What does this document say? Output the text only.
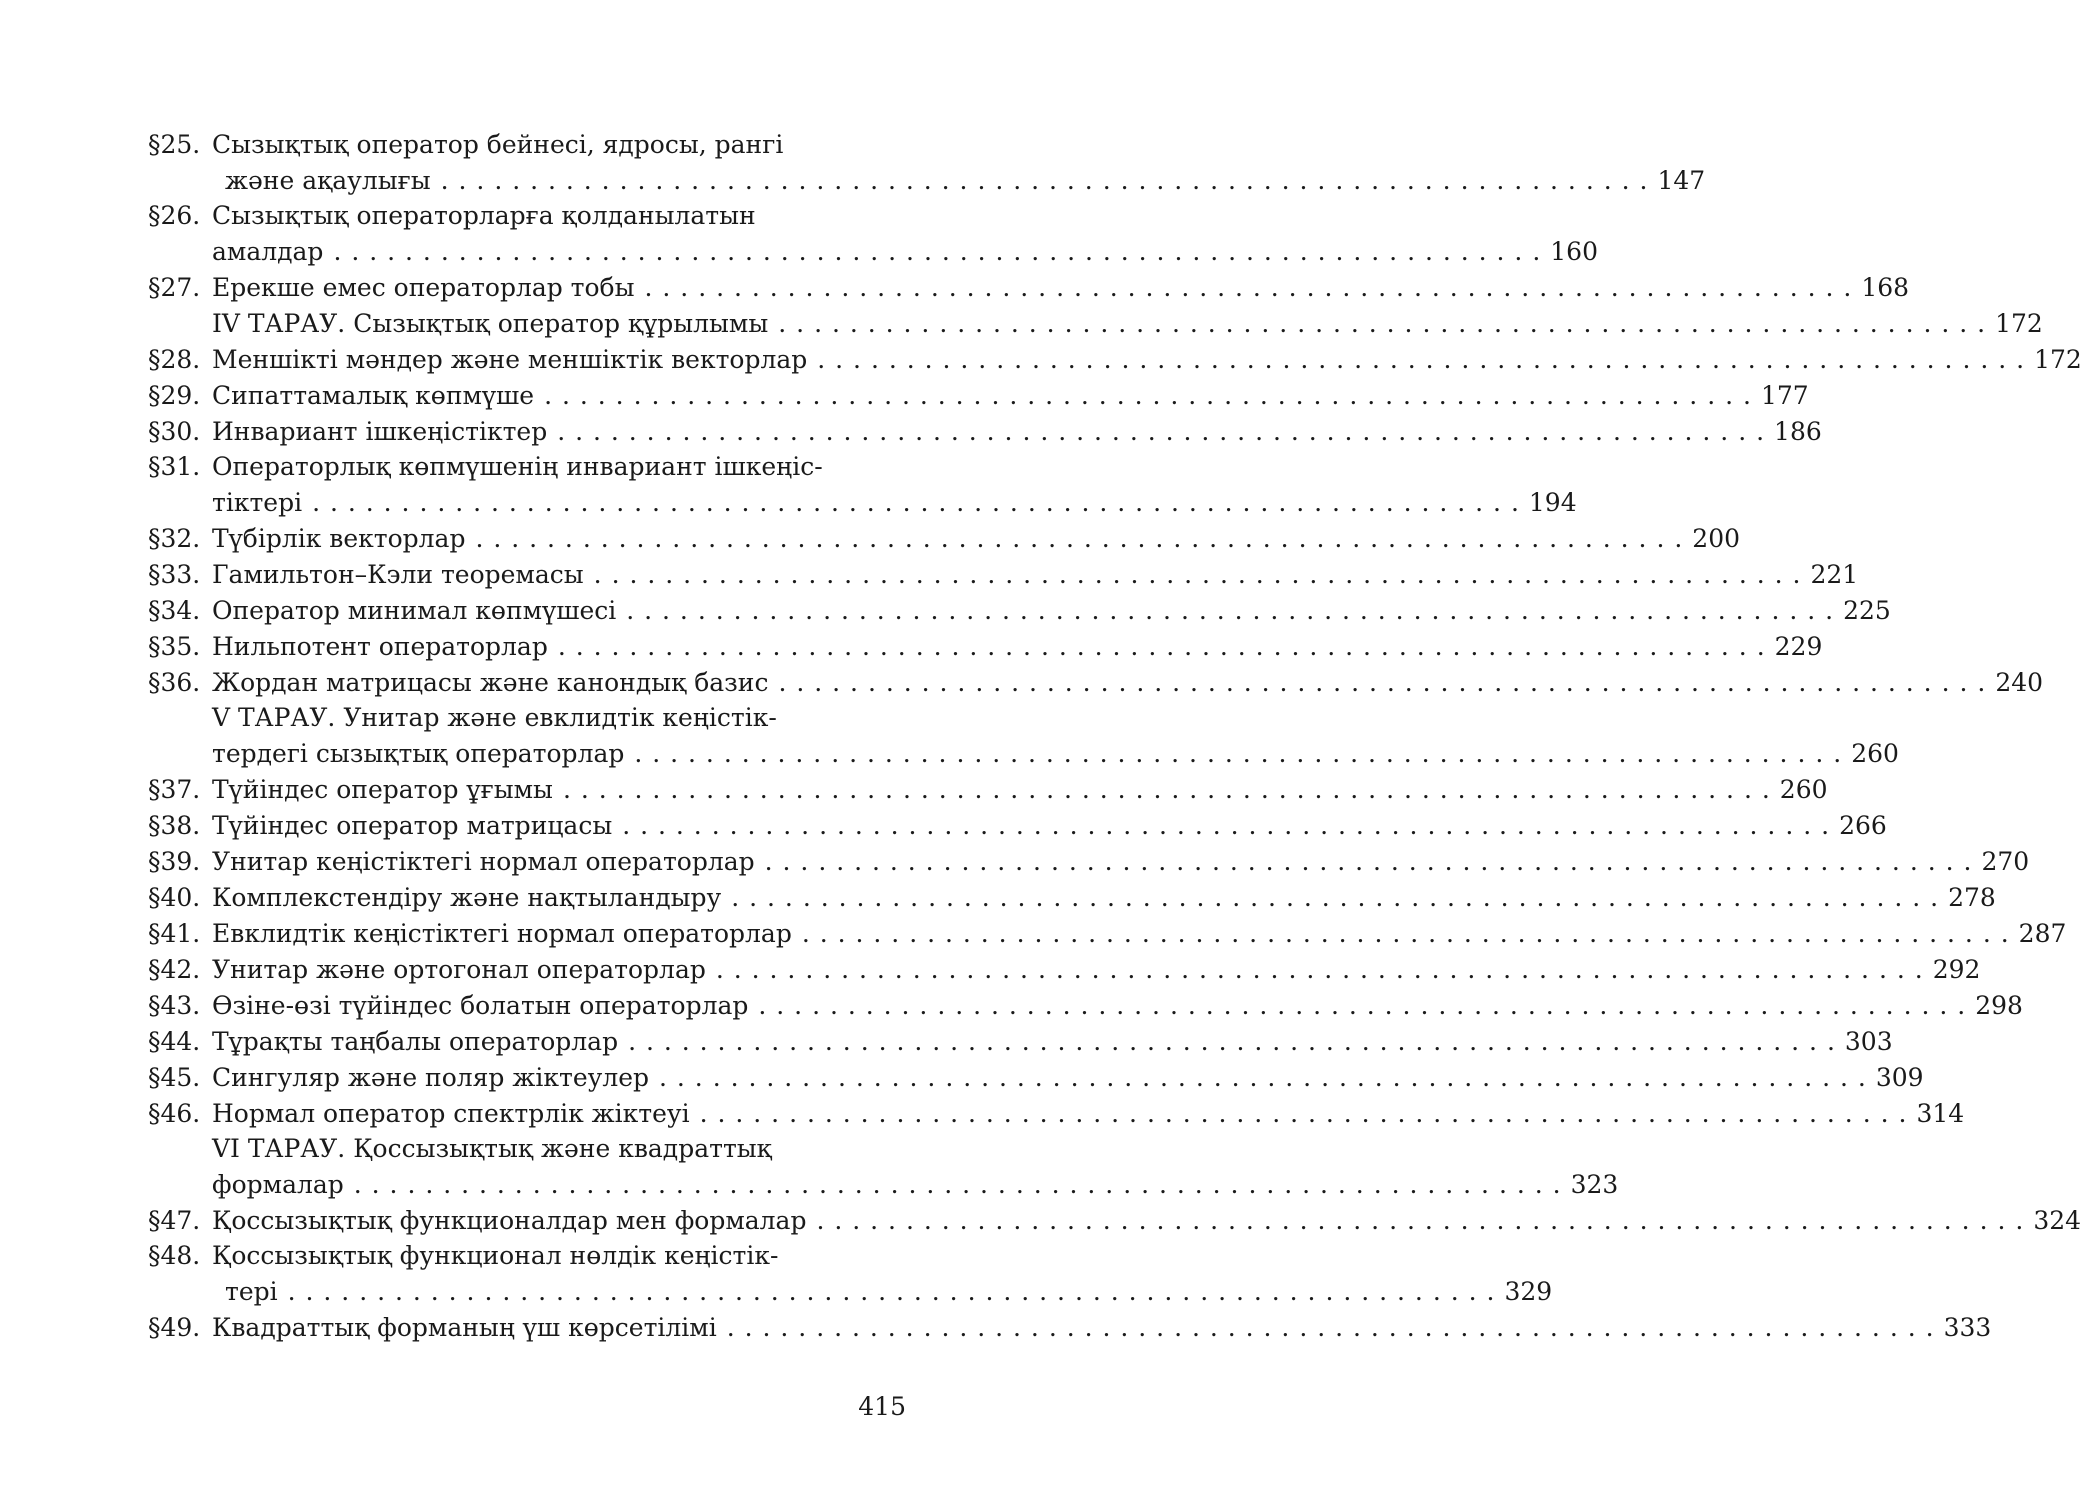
§25. Сызықтық оператор бейнесі, ядросы, рангі
және ақаулығы . . .	147
§26. Сызықтық операторларға қолданылатын
амалдар . . .	160
§27. Ерекше емес операторлар тобы . . .	168
IV ТАРАУ. Сызықтық оператор құрылымы . . .	172
§28. Меншікті мәндер және меншіктік векторлар . . .	172
§29. Сипаттамалық көпмүше . . .	177
§30. Инвариант ішкеңістіктер . . .	186
§31. Операторлық көпмүшенің инвариант ішкеңіс-
тіктері . . .	194
§32. Түбірлік векторлар . . .	200
§33. Гамильтон–Кэли теоремасы . . .	221
§34. Оператор минимал көпмүшесі . . .	225
§35. Нильпотент операторлар . . .	229
§36. Жордан матрицасы және канондық базис . . .	240
V ТАРАУ. Унитар және евклидтік кеңістік-
тердегі сызықтық операторлар . . .	260
§37. Түйіндес оператор ұғымы . . .	260
§38. Түйіндес оператор матрицасы . . .	266
§39. Унитар кеңістіктегі нормал операторлар . . .	270
§40. Комплекстендіру және нақтыландыру . . .	278
§41. Евклидтік кеңістіктегі нормал операторлар . . .	287
§42. Унитар және ортогонал операторлар . . .	292
§43. Өзіне-өзі түйіндес болатын операторлар . . .	298
§44. Тұрақты таңбалы операторлар . . .	303
§45. Сингуляр және поляр жіктеулер . . .	309
§46. Нормал оператор спектрлік жіктеуі . . .	314
VI ТАРАУ. Қоссызықтық және квадраттық
формалар . . .	323
§47. Қоссызықтық функционалдар мен формалар . . .	324
§48. Қоссызықтық функционал нөлдік кеңістік-
тері . . .	329
§49. Квадраттық форманың үш көрсетілімі . . .	333
415
